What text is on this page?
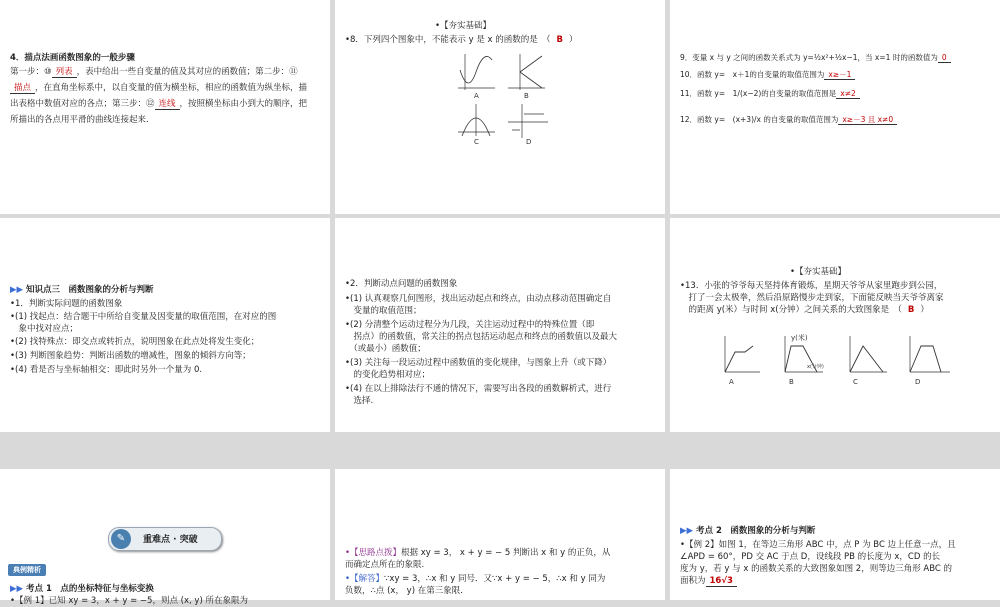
4．描点法画函数图象的一般步骤
第一步：⑩ 列表 ，表中给出一些自变量的值及其对应的函数值；第二步：⑪
描点 ，在直角坐标系中，以自变量的值为横坐标，相应的函数值为纵坐标，描
出表格中数值对应的各点；第三步：⑫ 连线 ，按照横坐标由小到大的顺序，把
所描出的各点用平滑的曲线连接起来.
•【夯实基础】
•8．下列四个图象中，不能表示 y 是 x 的函数的是　（ B ）
A	B
C	D
9．变量 x 与 y 之间的函数关系式为 y=½x²+½x−1，当 x=1 时的函数值为 0
10．函数 y=　x＋1的自变量的取值范围为 x≥－1
11．函数 y=　1/(x−2)的自变量的取值范围是 x≠2
12．函数 y=　(x+3)/x 的自变量的取值范围为 x≥－3 且 x≠0
▶▶ 知识点三　函数图象的分析与判断
•1．判断实际问题的函数图象
•(1) 找起点：结合题干中所给自变量及因变量的取值范围，在对应的图
　象中找对应点；
•(2) 找特殊点：即交点或转折点，说明图象在此点处将发生变化；
•(3) 判断图象趋势：判断出函数的增减性，图象的倾斜方向等；
•(4) 看是否与坐标轴相交：即此时另外一个量为 0.
•2．判断动点问题的函数图象
•(1) 认真观察几何图形，找出运动起点和终点，由动点移动范围确定自
　变量的取值范围；
•(2) 分清整个运动过程分为几段，关注运动过程中的特殊位置（即
　拐点）的函数值，常关注的拐点包括运动起点和终点的函数值以及最大
　（或最小）函数值；
•(3) 关注每一段运动过程中函数值的变化规律，与图象上升（或下降）
　的变化趋势相对应；
•(4) 在以上排除法行不通的情况下，需要写出各段的函数解析式，进行
　选择.
•【夯实基础】
•13．小张的爷爷每天坚持体育锻炼，星期天爷爷从家里跑步到公园，
　打了一会太极拳，然后沿原路慢步走到家，下面能反映当天爷爷离家
　的距离 y(米）与时间 x(分钟）之间关系的大致图象是　（ B ）
A	B
y(米)
x(分钟)
C	D
✎	重难点 · 突破
典例精析
▶▶ 考点 1　点的坐标特征与坐标变换
•【例 1】已知 xy = 3，x + y = −5，则点 (x, y) 所在象限为
•【思路点拨】根据 xy = 3， x + y = − 5 判断出 x 和 y 的正负，从
而确定点所在的象限.
•【解答】∵xy = 3，∴x 和 y 同号．又∵x + y = − 5，∴x 和 y 同为
负数，∴点 (x， y) 在第三象限．
▶▶ 考点 2　函数图象的分析与判断
•【例 2】如图 1，在等边三角形 ABC 中，点 P 为 BC 边上任意一点，且
∠APD = 60°，PD 交 AC 于点 D，设线段 PB 的长度为 x，CD 的长
度为 y，若 y 与 x 的函数关系的大致图象如图 2，则等边三角形 ABC 的
面积为 16√3
